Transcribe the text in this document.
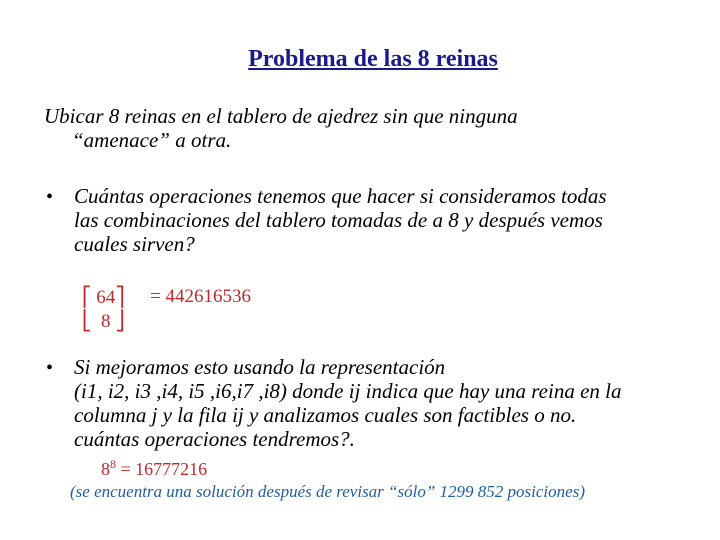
Problema de las 8 reinas
Ubicar 8 reinas en el tablero de ajedrez sin que ninguna
“amenace” a otra.
• Cuántas operaciones tenemos que hacer si consideramos todas
las combinaciones del tablero tomadas de a 8 y después vemos
cuales sirven?
⎡ 64 ⎤
⎣ 8 ⎦
= 442616536
• Si mejoramos esto usando la representación
(i1, i2, i3 ,i4, i5 ,i6,i7 ,i8) donde ij indica que hay una reina en la
columna j y la fila ij y analizamos cuales son factibles o no.
cuántas operaciones tendremos?.
$8^8 = 16777216$
(se encuentra una solución después de revisar “sólo” 1299 852 posiciones)
